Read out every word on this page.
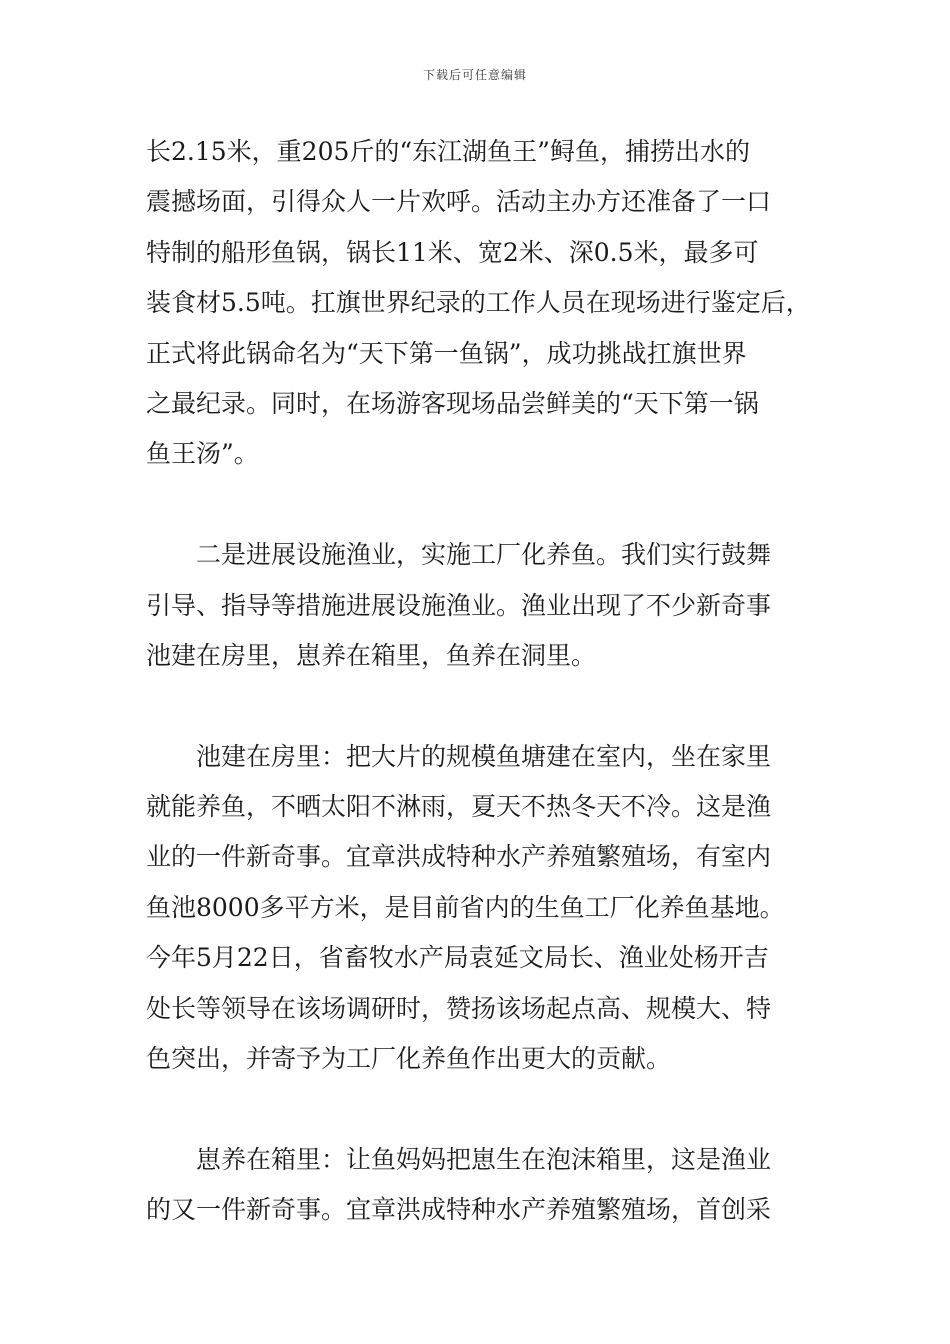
下载后可任意编辑
长2.15米，重205斤的“东江湖鱼王”鲟鱼，捕捞出水的
震撼场面，引得众人一片欢呼。活动主办方还准备了一口
特制的船形鱼锅，锅长11米、宽2米、深0.5米，最多可
装食材5.5吨。扛旗世界纪录的工作人员在现场进行鉴定后，
正式将此锅命名为“天下第一鱼锅”，成功挑战扛旗世界
之最纪录。同时，在场游客现场品尝鲜美的“天下第一锅
鱼王汤”。
二是进展设施渔业，实施工厂化养鱼。我们实行鼓舞
引导、指导等措施进展设施渔业。渔业出现了不少新奇事
池建在房里，崽养在箱里，鱼养在洞里。
池建在房里：把大片的规模鱼塘建在室内，坐在家里
就能养鱼，不晒太阳不淋雨，夏天不热冬天不冷。这是渔
业的一件新奇事。宜章洪成特种水产养殖繁殖场，有室内
鱼池8000多平方米，是目前省内的生鱼工厂化养鱼基地。
今年5月22日，省畜牧水产局袁延文局长、渔业处杨开吉
处长等领导在该场调研时，赞扬该场起点高、规模大、特
色突出，并寄予为工厂化养鱼作出更大的贡献。
崽养在箱里：让鱼妈妈把崽生在泡沫箱里，这是渔业
的又一件新奇事。宜章洪成特种水产养殖繁殖场，首创采
